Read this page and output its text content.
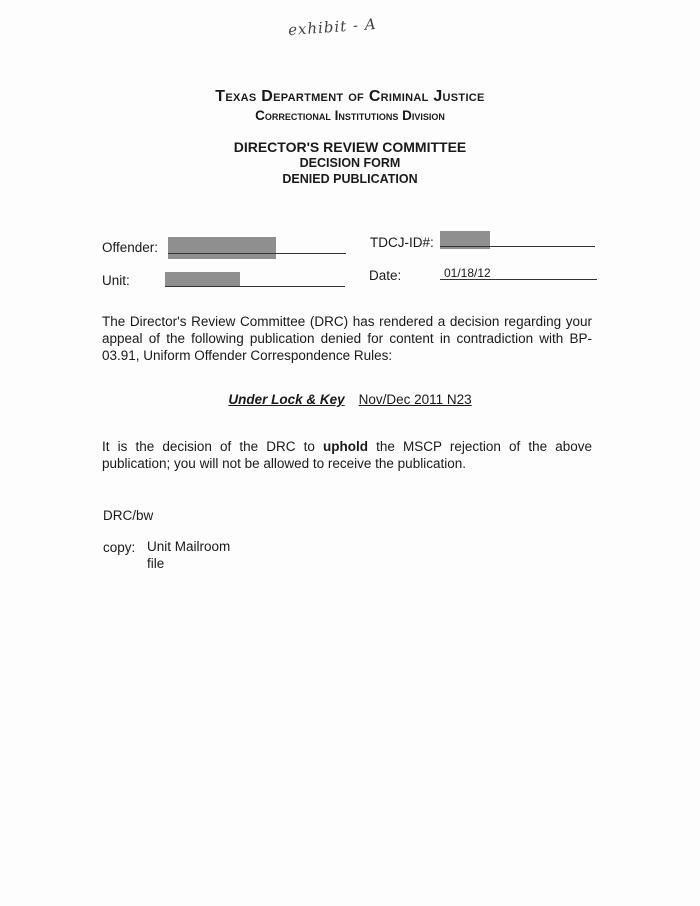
exhibit - A
Texas Department of Criminal Justice
Correctional Institutions Division
DIRECTOR'S REVIEW COMMITTEE
DECISION FORM
DENIED PUBLICATION
Offender:	TDCJ-ID#:
Unit:	Date:	01/18/12
The Director's Review Committee (DRC) has rendered a decision regarding your appeal of the following publication denied for content in contradiction with BP-03.91, Uniform Offender Correspondence Rules:
Under Lock & Key Nov/Dec 2011 N23
It is the decision of the DRC to uphold the MSCP rejection of the above publication; you will not be allowed to receive the publication.
DRC/bw
copy: Unit Mailroom
file
